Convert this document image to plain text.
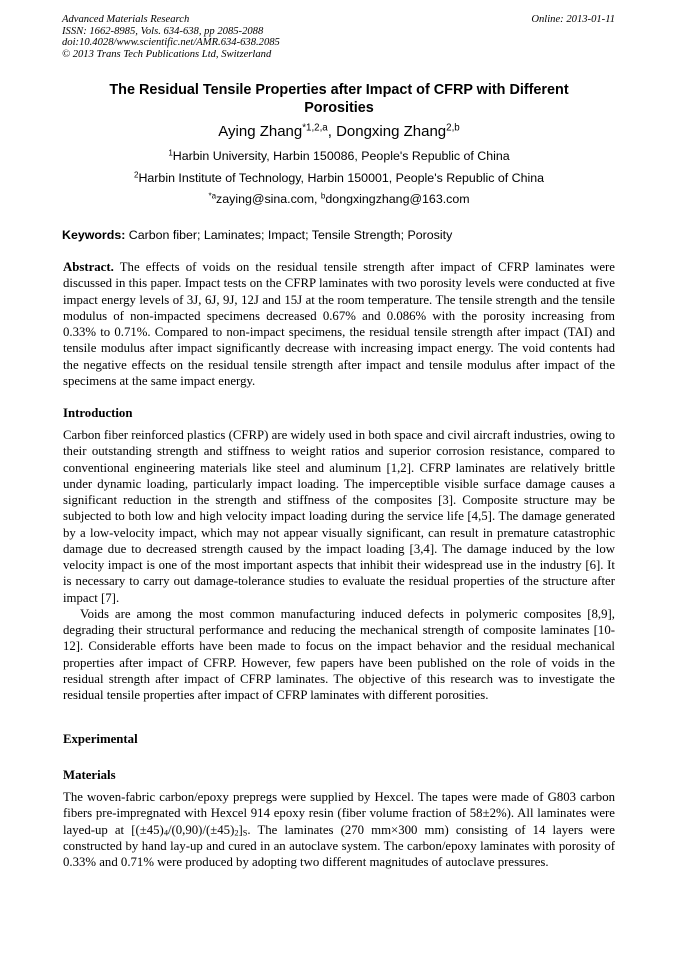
Advanced Materials Research
ISSN: 1662-8985, Vols. 634-638, pp 2085-2088
doi:10.4028/www.scientific.net/AMR.634-638.2085
© 2013 Trans Tech Publications Ltd, Switzerland
Online: 2013-01-11
The Residual Tensile Properties after Impact of CFRP with Different
Porosities
Aying Zhang$^{*1,2,a}$, Dongxing Zhang$^{2,b}$
$^1$Harbin University, Harbin 150086, People's Republic of China
$^2$Harbin Institute of Technology, Harbin 150001, People's Republic of China
$^{*a}$zaying@sina.com, $^b$dongxingzhang@163.com
Keywords: Carbon fiber; Laminates; Impact; Tensile Strength; Porosity
Abstract. The effects of voids on the residual tensile strength after impact of CFRP laminates were discussed in this paper. Impact tests on the CFRP laminates with two porosity levels were conducted at five impact energy levels of 3J, 6J, 9J, 12J and 15J at the room temperature. The tensile strength and the tensile modulus of non-impacted specimens decreased 0.67% and 0.086% with the porosity increasing from 0.33% to 0.71%. Compared to non-impact specimens, the residual tensile strength after impact (TAI) and tensile modulus after impact significantly decrease with increasing impact energy. The void contents had the negative effects on the residual tensile strength after impact and tensile modulus after impact of the specimens at the same impact energy.
Introduction

Carbon fiber reinforced plastics (CFRP) are widely used in both space and civil aircraft industries, owing to their outstanding strength and stiffness to weight ratios and superior corrosion resistance, compared to conventional engineering materials like steel and aluminum [1,2]. CFRP laminates are relatively brittle under dynamic loading, particularly impact loading. The imperceptible visible surface damage causes a significant reduction in the strength and stiffness of the composites [3]. Composite structure may be subjected to both low and high velocity impact loading during the service life [4,5]. The damage generated by a low-velocity impact, which may not appear visually significant, can result in premature catastrophic damage due to decreased strength caused by the impact loading [3,4]. The damage induced by the low velocity impact is one of the most important aspects that inhibit their widespread use in the industry [6]. It is necessary to carry out damage-tolerance studies to evaluate the residual properties of the structure after impact [7].

Voids are among the most common manufacturing induced defects in polymeric composites [8,9], degrading their structural performance and reducing the mechanical strength of composite laminates [10-12]. Considerable efforts have been made to focus on the impact behavior and the residual mechanical properties after impact of CFRP. However, few papers have been published on the role of voids in the residual strength after impact of CFRP laminates. The objective of this research was to investigate the residual tensile properties after impact of CFRP laminates with different porosities.

Experimental
Materials
The woven-fabric carbon/epoxy prepregs were supplied by Hexcel. The tapes were made of G803 carbon fibers pre-impregnated with Hexcel 914 epoxy resin (fiber volume fraction of 58±2%). All laminates were layed-up at $[(\pm 45)_4/(0,90)/(\pm 45)_2]_S$. The laminates (270 mm×300 mm) consisting of 14 layers were constructed by hand lay-up and cured in an autoclave system. The carbon/epoxy laminates with porosity of 0.33% and 0.71% were produced by adopting two different magnitudes of autoclave pressures.
